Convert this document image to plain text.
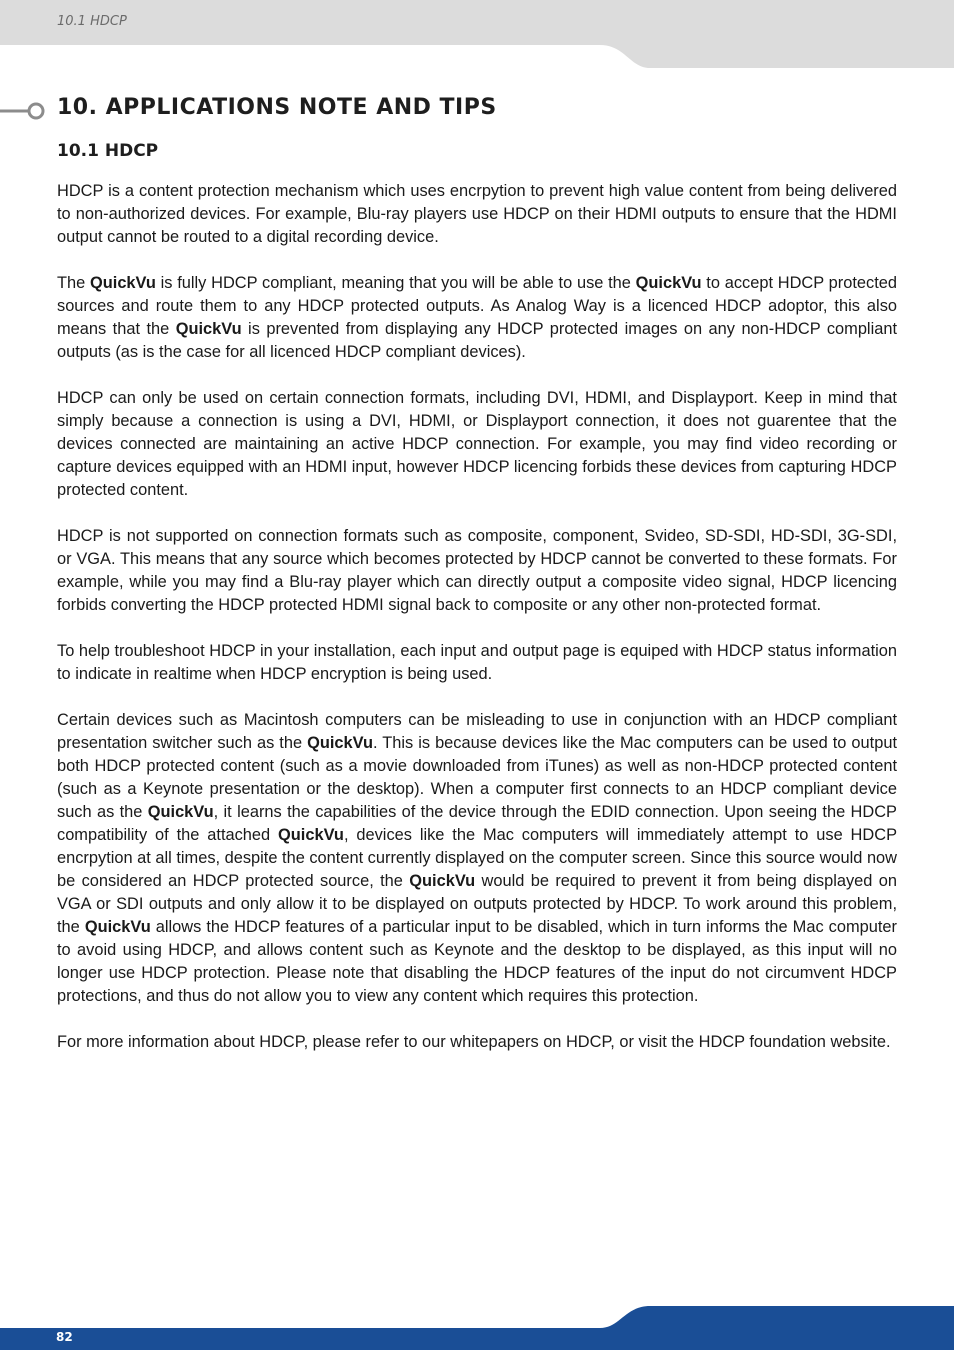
10.1 HDCP
10. APPLICATIONS NOTE AND TIPS
10.1 HDCP

HDCP is a content protection mechanism which uses encrpytion to prevent high value content from being delivered to non-authorized devices. For example, Blu-ray players use HDCP on their HDMI outputs to ensure that the HDMI output cannot be routed to a digital recording device.

The QuickVu is fully HDCP compliant, meaning that you will be able to use the QuickVu to accept HDCP protected sources and route them to any HDCP protected outputs. As Analog Way is a licenced HDCP adoptor, this also means that the QuickVu is prevented from displaying any HDCP protected images on any non-HDCP compliant outputs (as is the case for all licenced HDCP compliant devices).

HDCP can only be used on certain connection formats, including DVI, HDMI, and Displayport. Keep in mind that simply because a connection is using a DVI, HDMI, or Displayport connection, it does not guarentee that the devices connected are maintaining an active HDCP connection. For example, you may find video recording or capture devices equipped with an HDMI input, however HDCP licencing forbids these devices from capturing HDCP protected content.

HDCP is not supported on connection formats such as composite, component, Svideo, SD-SDI, HD-SDI, 3G-SDI, or VGA. This means that any source which becomes protected by HDCP cannot be converted to these formats. For example, while you may find a Blu-ray player which can directly output a composite video signal, HDCP licencing forbids converting the HDCP protected HDMI signal back to composite or any other non-protected format.

To help troubleshoot HDCP in your installation, each input and output page is equiped with HDCP status information to indicate in realtime when HDCP encryption is being used.

Certain devices such as Macintosh computers can be misleading to use in conjunction with an HDCP compliant presentation switcher such as the QuickVu. This is because devices like the Mac computers can be used to output both HDCP protected content (such as a movie downloaded from iTunes) as well as non-HDCP protected content (such as a Keynote presentation or the desktop). When a computer first connects to an HDCP compliant device such as the QuickVu, it learns the capabilities of the device through the EDID connection. Upon seeing the HDCP compatibility of the attached QuickVu, devices like the Mac computers will immediately attempt to use HDCP encrpytion at all times, despite the content currently displayed on the computer screen. Since this source would now be considered an HDCP protected source, the QuickVu would be required to prevent it from being displayed on VGA or SDI outputs and only allow it to be displayed on outputs protected by HDCP. To work around this problem, the QuickVu allows the HDCP features of a particular input to be disabled, which in turn informs the Mac computer to avoid using HDCP, and allows content such as Keynote and the desktop to be displayed, as this input will no longer use HDCP protection. Please note that disabling the HDCP features of the input do not circumvent HDCP protections, and thus do not allow you to view any content which requires this protection.

For more information about HDCP, please refer to our whitepapers on HDCP, or visit the HDCP foundation website.

82
